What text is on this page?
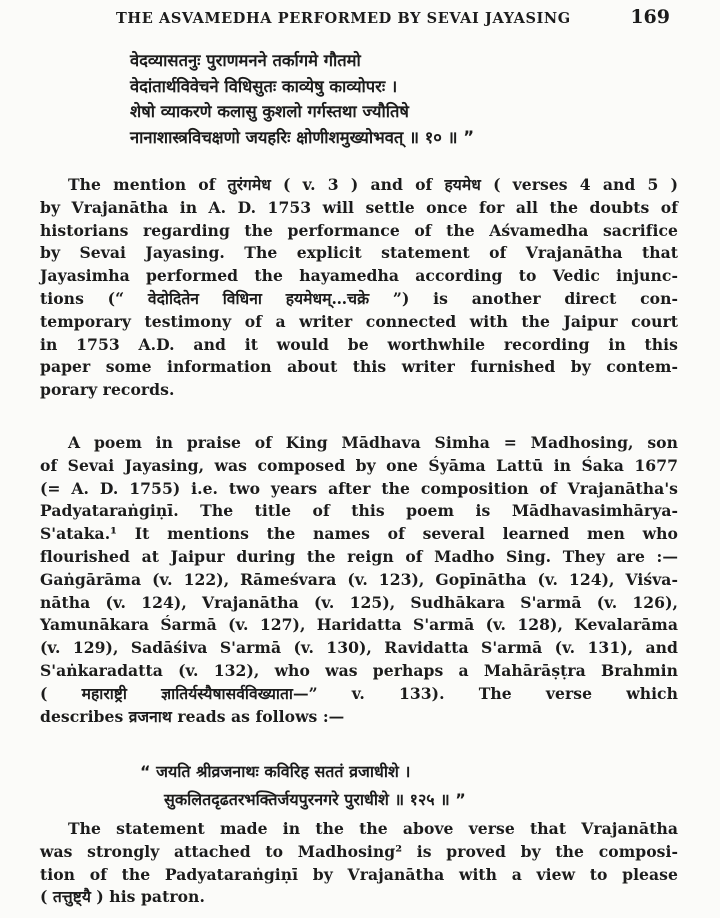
THE ASVAMEDHA PERFORMED BY SEVAI JAYASING	169
वेदव्यासतनुः पुराणमनने तर्कागमे गौतमो
वेदांतार्थविवेचने विधिसुतः काव्येषु काव्योपरः ।
शेषो व्याकरणे कलासु कुशलो गर्गस्तथा ज्यौतिषे
नानाशास्त्रविचक्षणो जयहरिः क्षोणीशमुख्योभवत् ॥ १० ॥ ”
The mention of तुरंगमेध ( v. 3 ) and of हयमेध ( verses 4 and 5 )
by Vrajanātha in A. D. 1753 will settle once for all the doubts of
historians regarding the performance of the Aśvamedha sacrifice
by Sevai Jayasing. The explicit statement of Vrajanātha that
Jayasimha performed the hayamedha according to Vedic injunc-
tions (“ वेदोदितेन विधिना हयमेधम्…चक्रे ”) is another direct con-
temporary testimony of a writer connected with the Jaipur court
in 1753 A.D. and it would be worthwhile recording in this
paper some information about this writer furnished by contem-
porary records.
A poem in praise of King Mādhava Simha = Madhosing, son
of Sevai Jayasing, was composed by one Śyāma Lattū in Śaka 1677
(= A. D. 1755) i.e. two years after the composition of Vrajanātha's
Padyataraṅgiṇī. The title of this poem is Mādhavasimhārya-
S'ataka.¹ It mentions the names of several learned men who
flourished at Jaipur during the reign of Madho Sing. They are :—
Gaṅgārāma (v. 122), Rāmeśvara (v. 123), Gopīnātha (v. 124), Viśva-
nātha (v. 124), Vrajanātha (v. 125), Sudhākara S'armā (v. 126),
Yamunākara Śarmā (v. 127), Haridatta S'armā (v. 128), Kevalarāma
(v. 129), Sadāśiva S'armā (v. 130), Ravidatta S'armā (v. 131), and
S'aṅkaradatta (v. 132), who was perhaps a Mahārāṣṭra Brahmin
( महाराष्ट्री ज्ञातिर्यस्यैषासर्वविख्याता—” v. 133). The verse which
describes व्रजनाथ reads as follows :—
“ जयति श्रीव्रजनाथः कविरिह सततं व्रजाधीशे ।
सुकलितदृढतरभक्तिर्जयपुरनगरे पुराधीशे ॥ १२५ ॥ ”
The statement made in the the above verse that Vrajanātha
was strongly attached to Madhosing² is proved by the composi-
tion of the Padyataraṅgiṇī by Vrajanātha with a view to please
( तत्तुष्ट्यै ) his patron.
